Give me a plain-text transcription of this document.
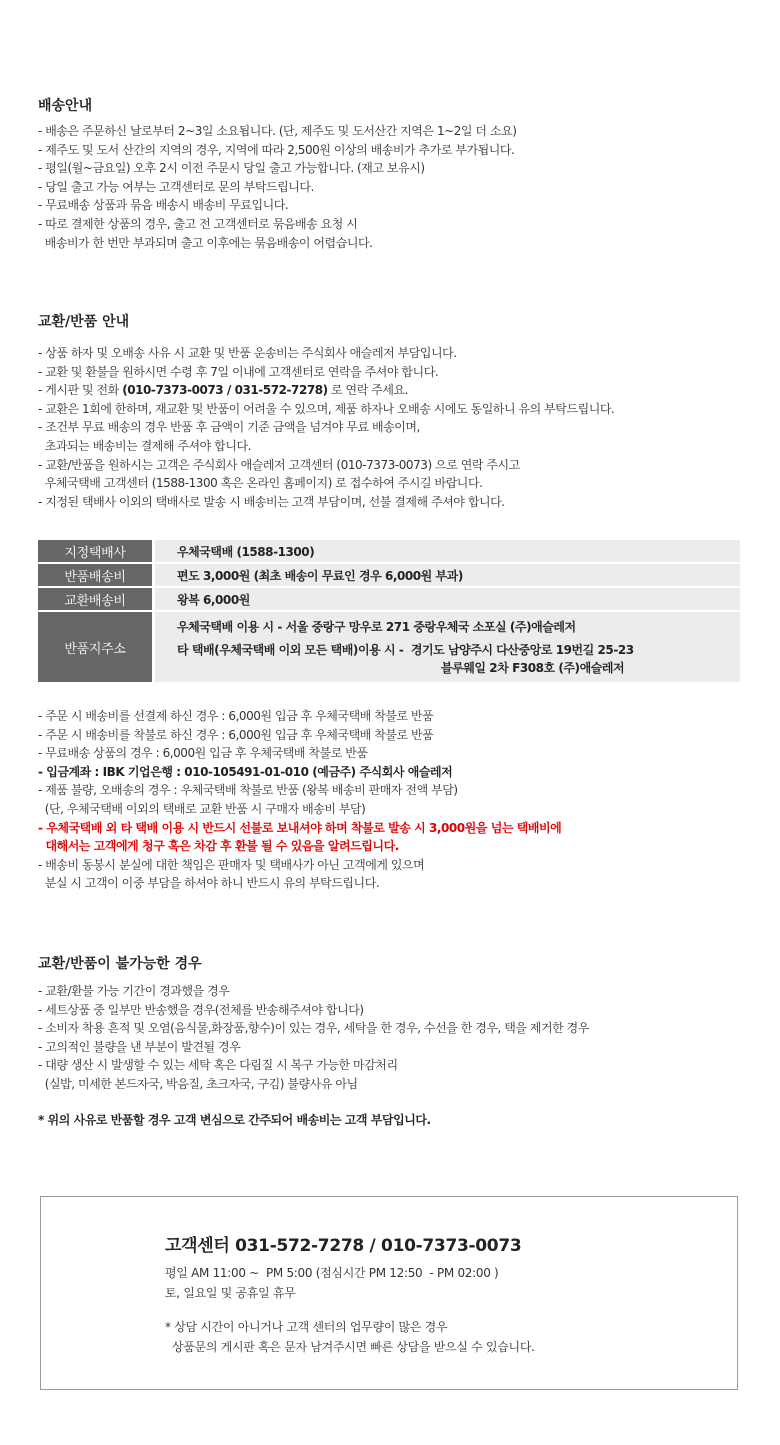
배송안내
- 배송은 주문하신 날로부터 2~3일 소요됩니다. (단, 제주도 및 도서산간 지역은 1~2일 더 소요)
- 제주도 및 도서 산간의 지역의 경우, 지역에 따라 2,500원 이상의 배송비가 추가로 부가됩니다.
- 평일(월~금요일) 오후 2시 이전 주문시 당일 출고 가능합니다. (재고 보유시)
- 당일 출고 가능 여부는 고객센터로 문의 부탁드립니다.
- 무료배송 상품과 묶음 배송시 배송비 무료입니다.
- 따로 결제한 상품의 경우, 출고 전 고객센터로 묶음배송 요청 시
배송비가 한 번만 부과되며 출고 이후에는 묶음배송이 어렵습니다.
교환/반품 안내
- 상품 하자 및 오배송 사유 시 교환 및 반품 운송비는 주식회사 애슬레저 부담입니다.
- 교환 및 환불을 원하시면 수령 후 7일 이내에 고객센터로 연락을 주셔야 합니다.
- 게시판 및 전화 (010-7373-0073 / 031-572-7278) 로 연락 주세요.
- 교환은 1회에 한하며, 재교환 및 반품이 어려울 수 있으며, 제품 하자나 오배송 시에도 동일하니 유의 부탁드립니다.
- 조건부 무료 배송의 경우 반품 후 금액이 기준 금액을 넘겨야 무료 배송이며,
초과되는 배송비는 결제해 주셔야 합니다.
- 교환/반품을 원하시는 고객은 주식회사 애슬레저 고객센터 (010-7373-0073) 으로 연락 주시고
우체국택배 고객센터 (1588-1300 혹은 온라인 홈페이지) 로 접수하여 주시길 바랍니다.
- 지정된 택배사 이외의 택배사로 발송 시 배송비는 고객 부담이며, 선불 결제해 주셔야 합니다.
지정택배사	우체국택배 (1588-1300)
반품배송비	편도 3,000원 (최초 배송이 무료인 경우 6,000원 부과)
교환배송비	왕복 6,000원
반품지주소	우체국택배 이용 시 - 서울 중랑구 망우로 271 중랑우체국 소포실 (주)애슬레저
타 택배(우체국택배 이외 모든 택배)이용 시 -  경기도 남양주시 다산중앙로 19번길 25-23
블루웨일 2차 F308호 (주)애슬레저
- 주문 시 배송비를 선결제 하신 경우 : 6,000원 입금 후 우체국택배 착불로 반품
- 주문 시 배송비를 착불로 하신 경우 : 6,000원 입금 후 우체국택배 착불로 반품
- 무료배송 상품의 경우 : 6,000원 입금 후 우체국택배 착불로 반품
- 입금계좌 : IBK 기업은행 : 010-105491-01-010 (예금주) 주식회사 애슬레저
- 제품 불량, 오배송의 경우 : 우체국택배 착불로 반품 (왕복 배송비 판매자 전액 부담)
(단, 우체국택배 이외의 택배로 교환 반품 시 구매자 배송비 부담)
- 우체국택배 외 타 택배 이용 시 반드시 선불로 보내셔야 하며 착불로 발송 시 3,000원을 넘는 택배비에
대해서는 고객에게 청구 혹은 차감 후 환불 될 수 있음을 알려드립니다.
- 배송비 동봉시 분실에 대한 책임은 판매자 및 택배사가 아닌 고객에게 있으며
분실 시 고객이 이중 부담을 하셔야 하니 반드시 유의 부탁드립니다.
교환/반품이 불가능한 경우
- 교환/환불 가능 기간이 경과했을 경우
- 세트상품 중 일부만 반송했을 경우(전체를 반송해주셔야 합니다)
- 소비자 착용 흔적 및 오염(음식물,화장품,향수)이 있는 경우, 세탁을 한 경우, 수선을 한 경우, 택을 제거한 경우
- 고의적인 불량을 낸 부분이 발견될 경우
- 대량 생산 시 발생할 수 있는 세탁 혹은 다림질 시 복구 가능한 마감처리
(실밥, 미세한 본드자국, 박음질, 초크자국, 구김) 불량사유 아님
* 위의 사유로 반품할 경우 고객 변심으로 간주되어 배송비는 고객 부담입니다.
고객센터 031-572-7278 / 010-7373-0073
평일 AM 11:00 ~  PM 5:00 (점심시간 PM 12:50  - PM 02:00 )
토, 일요일 및 공휴일 휴무
* 상담 시간이 아니거나 고객 센터의 업무량이 많은 경우
상품문의 게시판 혹은 문자 남겨주시면 빠른 상담을 받으실 수 있습니다.
